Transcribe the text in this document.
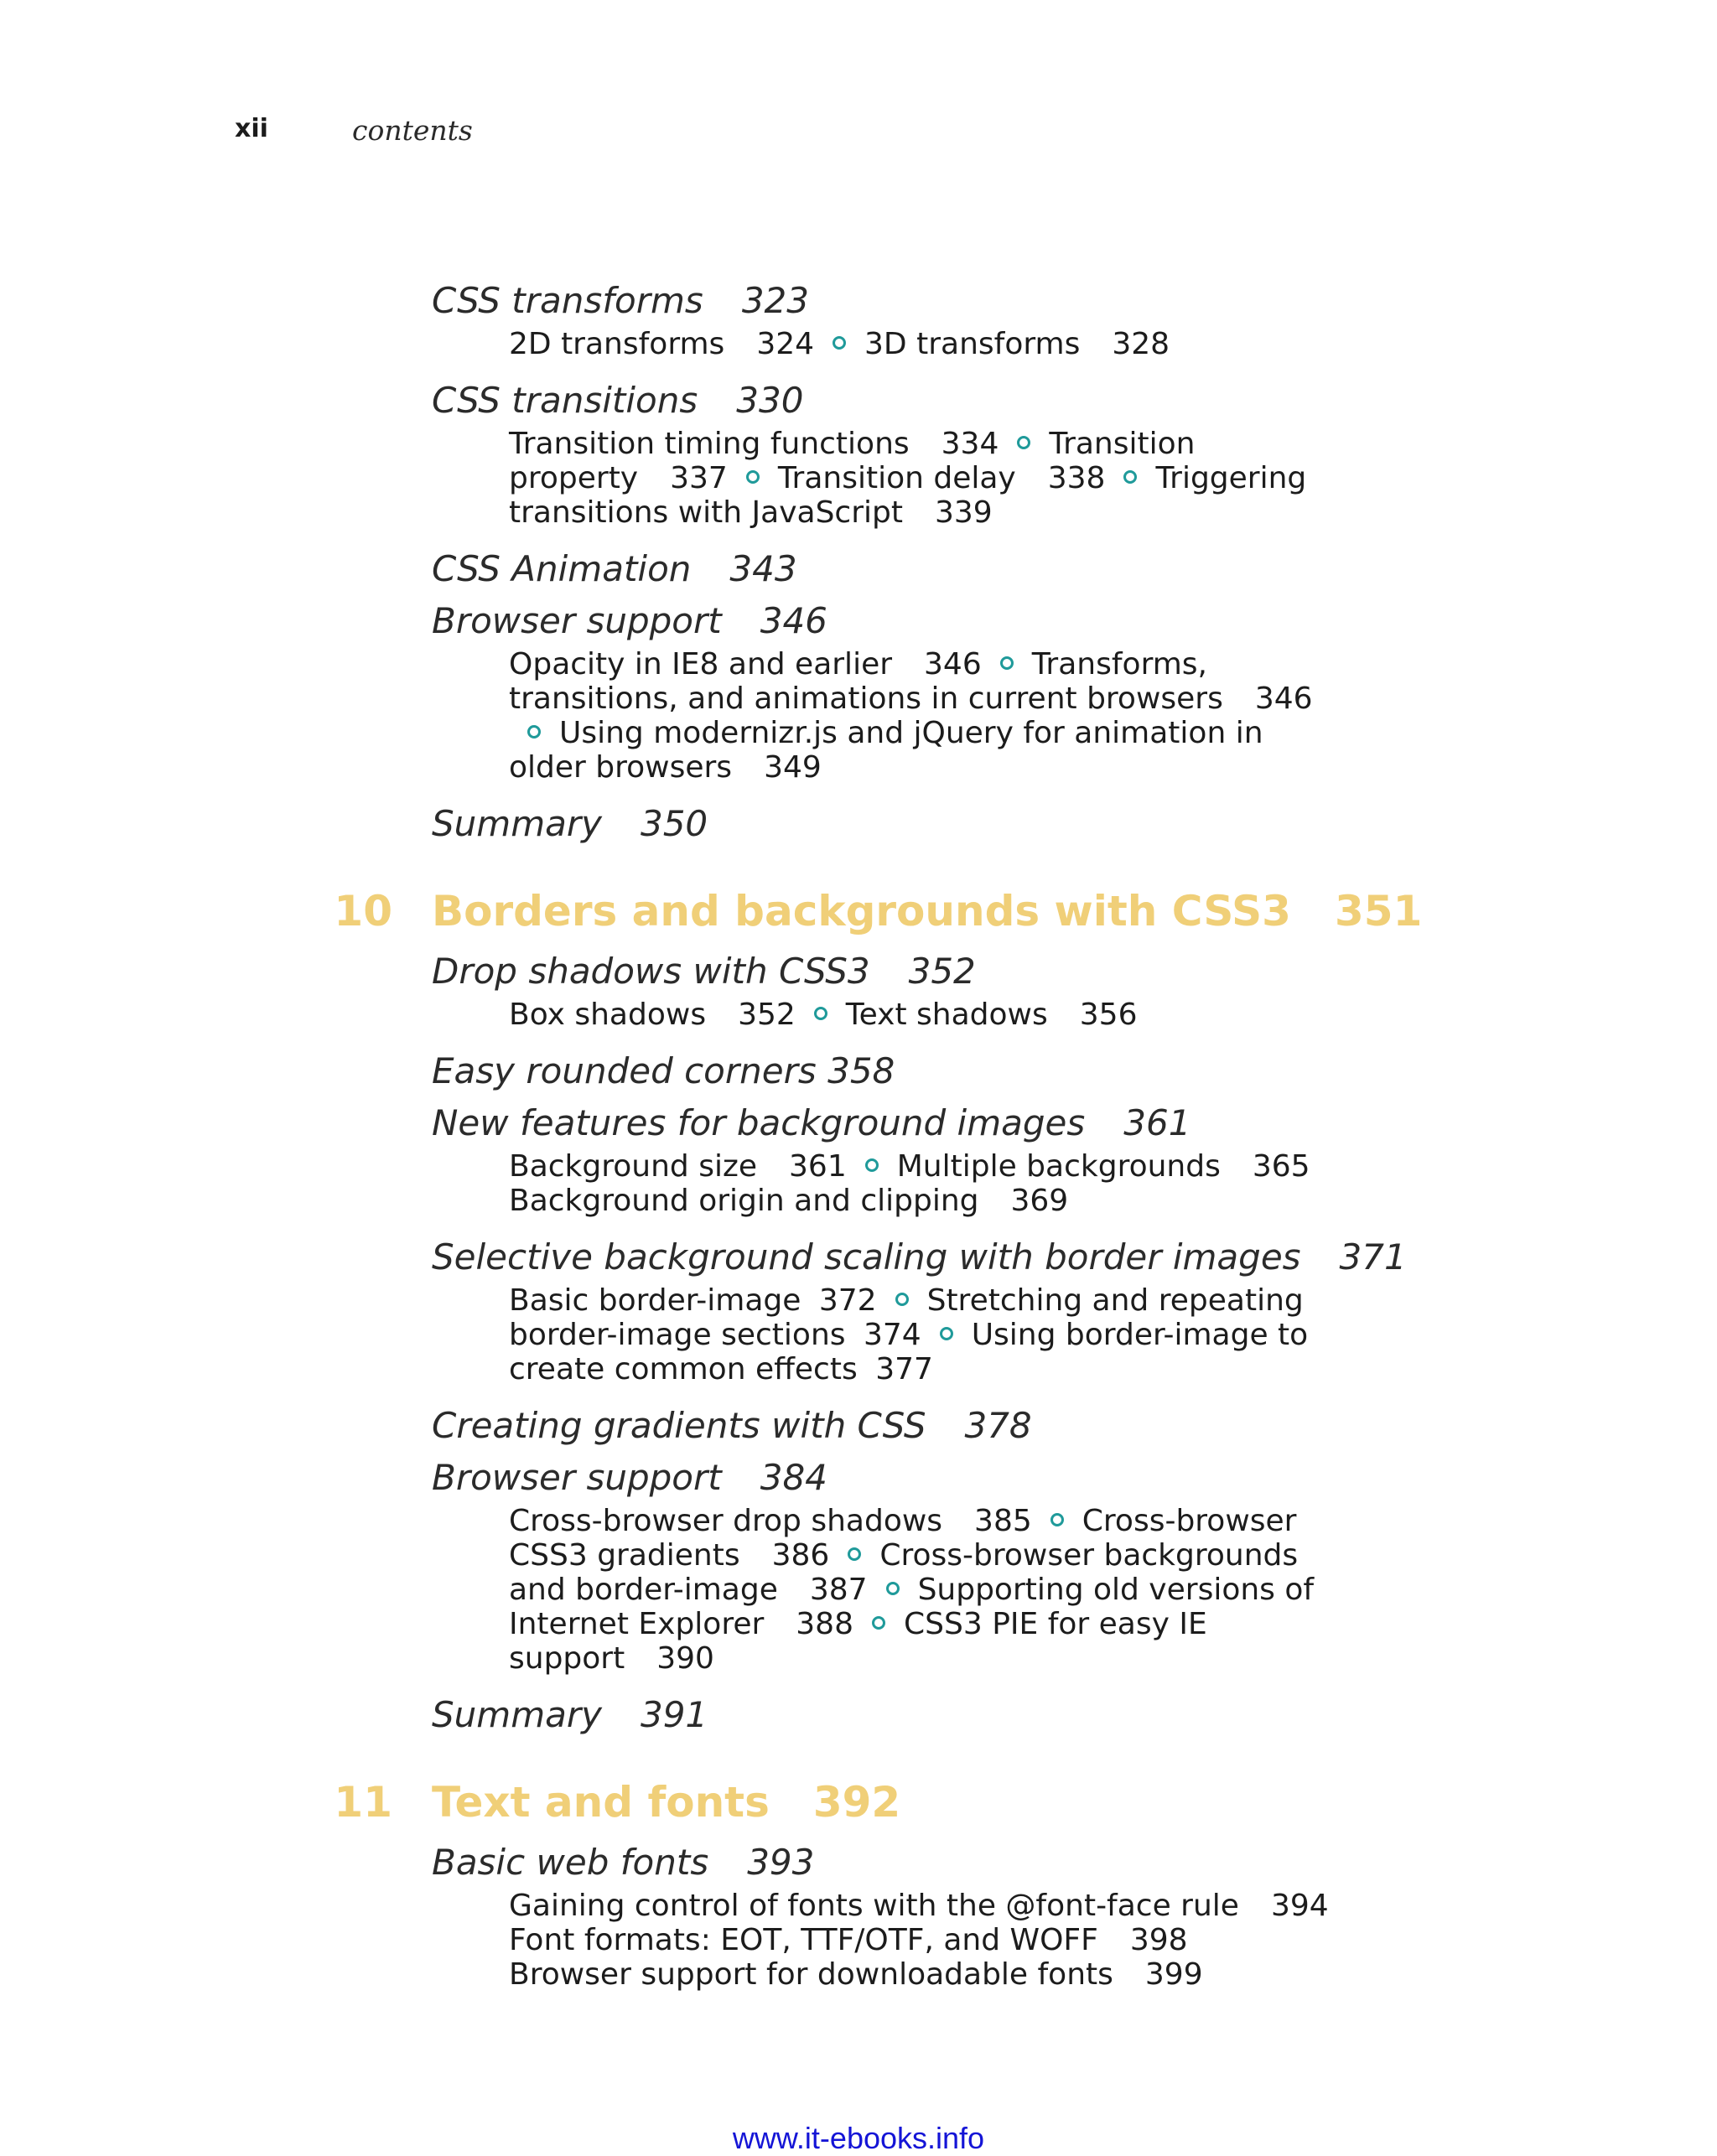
xii	contents
CSS transforms 323
2D transforms 324 3D transforms 328
CSS transitions 330
Transition timing functions 334 Transition property 337 Transition delay 338 Triggering transitions with JavaScript 339
CSS Animation 343
Browser support 346
Opacity in IE8 and earlier 346 Transforms, transitions, and animations in current browsers 346Using modernizr.js and jQuery for animation in older browsers 349
Summary 350
10 Borders and backgrounds with CSS3 351
Drop shadows with CSS3 352
Box shadows 352 Text shadows 356
Easy rounded corners 358
New features for background images 361
Background size 361 Multiple backgrounds 365
Background origin and clipping 369
Selective background scaling with border images 371
Basic border-image 372 Stretching and repeating border-image sections 374 Using border-image to create common effects 377
Creating gradients with CSS 378
Browser support 384
Cross-browser drop shadows 385 Cross-browser CSS3 gradients 386 Cross-browser backgrounds and border-image 387 Supporting old versions of Internet Explorer 388 CSS3 PIE for easy IE support 390
Summary 391
11 Text and fonts 392
Basic web fonts 393
Gaining control of fonts with the @font-face rule 394
Font formats: EOT, TTF/OTF, and WOFF 398
Browser support for downloadable fonts 399
www.it-ebooks.info
